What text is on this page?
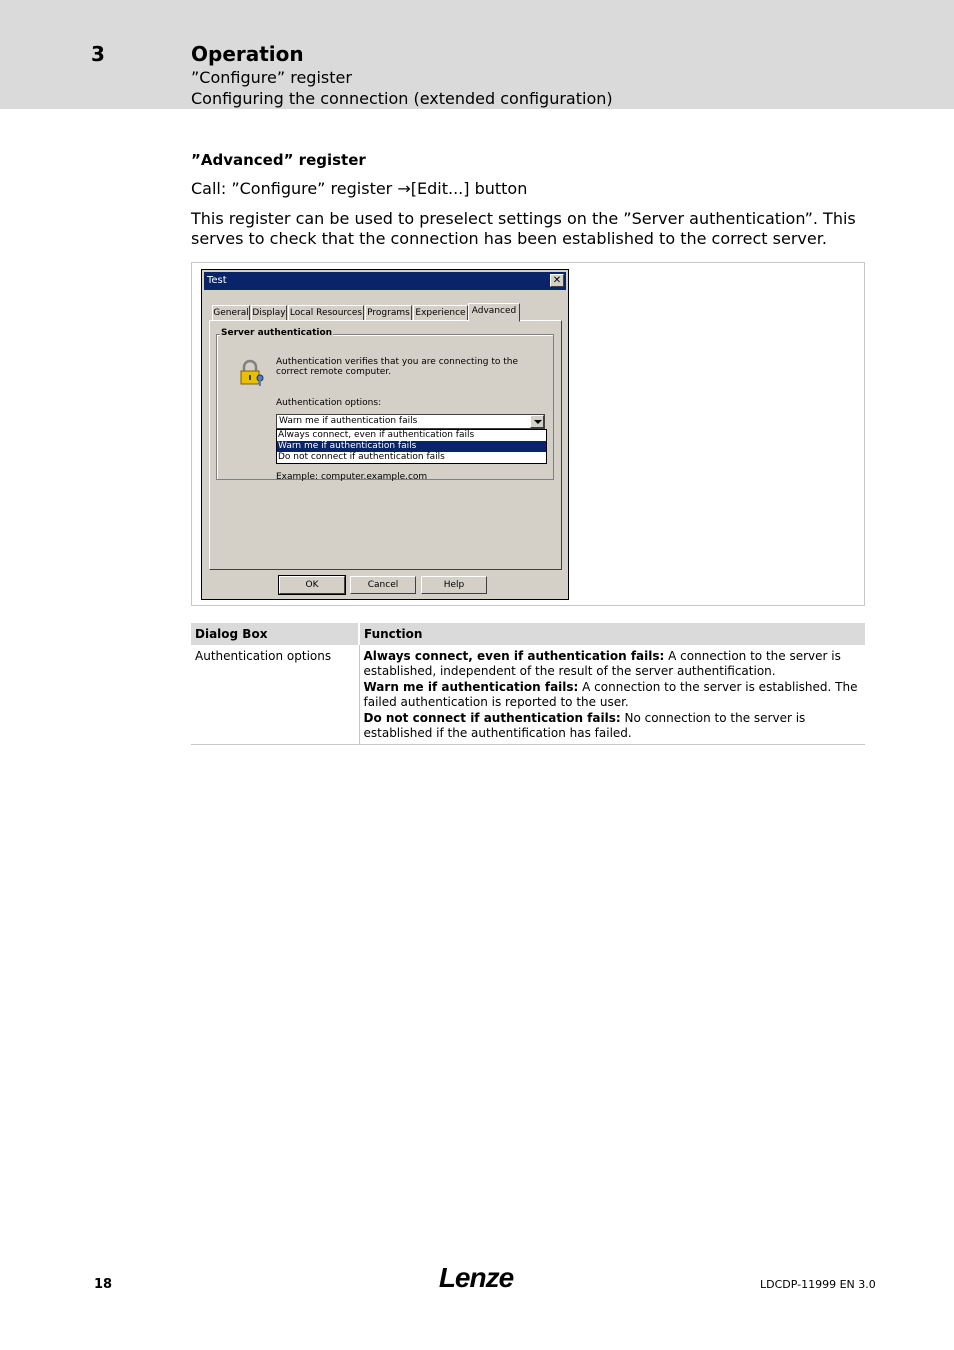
3	Operation
”Configure” register
Configuring the connection (extended configuration)
”Advanced” register
Call: ”Configure” register →[Edit...] button
This register can be used to preselect settings on the ”Server authentication”. This serves to check that the connection has been established to the correct server.
Test	✕
General Display Local Resources Programs Experience Advanced
Server authentication
Authentication verifies that you are connecting to the correct remote computer.
Authentication options:
Warn me if authentication fails
Always connect, even if authentication fails
Warn me if authentication fails
Do not connect if authentication fails
Example: computer.example.com
OK	Cancel	Help
Dialog Box	Function
Authentication options	Always connect, even if authentication fails: A connection to the server is established, independent of the result of the server authentification.
Warn me if authentication fails: A connection to the server is established. The failed authentication is reported to the user.
Do not connect if authentication fails: No connection to the server is established if the authentification has failed.
18	Lenze	LDCDP-11999 EN 3.0
